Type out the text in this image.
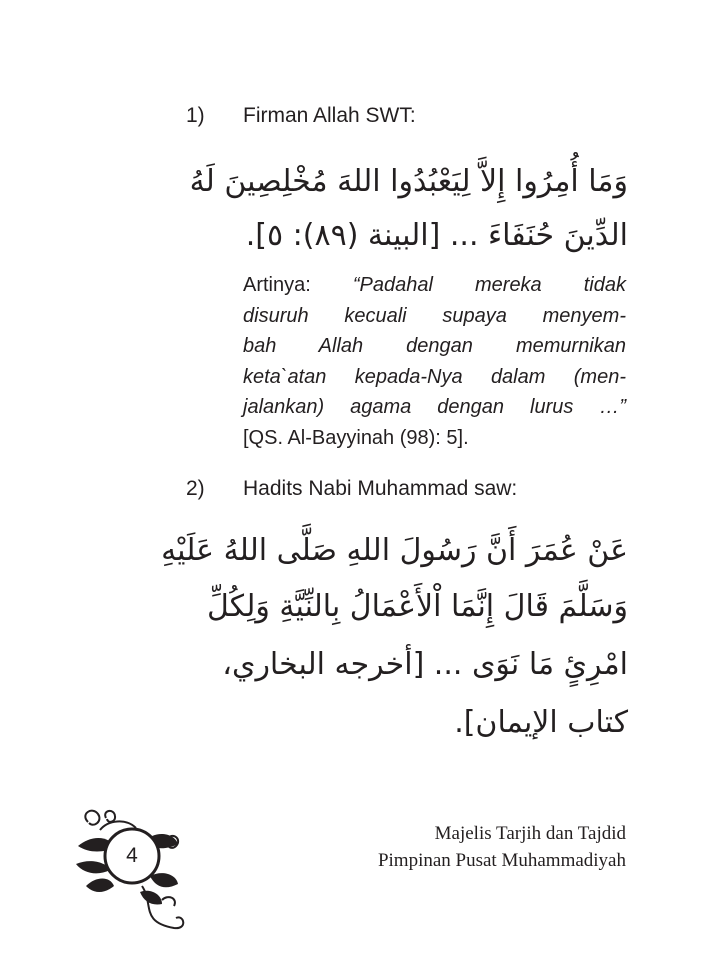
1) Firman Allah SWT:
وَمَا أُمِرُوا إِلاَّ لِيَعْبُدُوا اللهَ مُخْلِصِينَ لَهُ
الدِّينَ حُنَفَاءَ ... [البينة (٨٩): ٥].
Artinya: “Padahal mereka tidak
disuruh kecuali supaya menyem-
bah Allah dengan memurnikan
keta`atan kepada-Nya dalam (men-
jalankan) agama dengan lurus …”
[QS. Al-Bayyinah (98): 5].
2) Hadits Nabi Muhammad saw:
عَنْ عُمَرَ أَنَّ رَسُولَ اللهِ صَلَّى اللهُ عَلَيْهِ
وَسَلَّمَ قَالَ إِنَّمَا اْلأَعْمَالُ بِالنِّيَّةِ وَلِكُلِّ
امْرِئٍ مَا نَوَى ... [أخرجه البخاري،
كتاب الإيمان].
4
Majelis Tarjih dan Tajdid
Pimpinan Pusat Muhammadiyah
